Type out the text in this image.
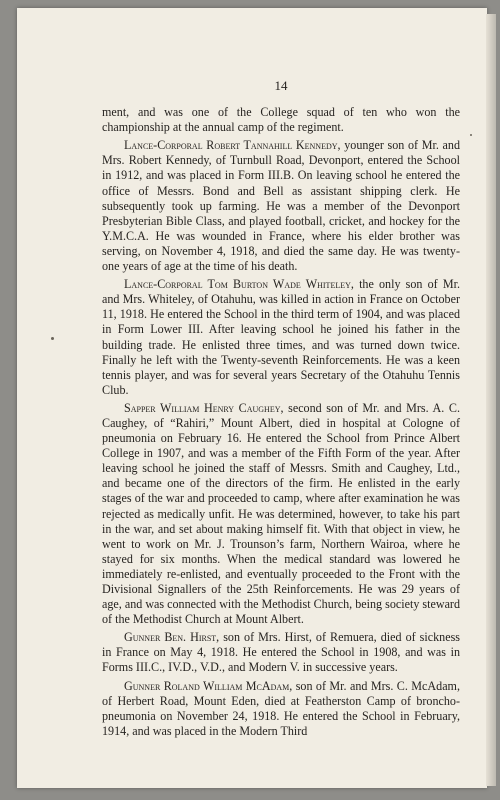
14

ment, and was one of the College squad of ten who won the championship at the annual camp of the regiment.

Lance-Corporal Robert Tannahill Kennedy, younger son of Mr. and Mrs. Robert Kennedy, of Turnbull Road, Devonport, entered the School in 1912, and was placed in Form III.B. On leaving school he entered the office of Messrs. Bond and Bell as assistant shipping clerk. He subsequently took up farming. He was a member of the Devonport Presbyterian Bible Class, and played football, cricket, and hockey for the Y.M.C.A. He was wounded in France, where his elder brother was serving, on November 4, 1918, and died the same day. He was twenty-one years of age at the time of his death.

Lance-Corporal Tom Burton Wade Whiteley, the only son of Mr. and Mrs. Whiteley, of Otahuhu, was killed in action in France on October 11, 1918. He entered the School in the third term of 1904, and was placed in Form Lower III. After leaving school he joined his father in the building trade. He enlisted three times, and was turned down twice. Finally he left with the Twenty-seventh Reinforcements. He was a keen tennis player, and was for several years Secretary of the Otahuhu Tennis Club.

Sapper William Henry Caughey, second son of Mr. and Mrs. A. C. Caughey, of “Rahiri,” Mount Albert, died in hospital at Cologne of pneumonia on February 16. He entered the School from Prince Albert College in 1907, and was a member of the Fifth Form of the year. After leaving school he joined the staff of Messrs. Smith and Caughey, Ltd., and became one of the directors of the firm. He enlisted in the early stages of the war and proceeded to camp, where after examination he was rejected as medically unfit. He was determined, however, to take his part in the war, and set about making himself fit. With that object in view, he went to work on Mr. J. Trounson’s farm, Northern Wairoa, where he stayed for six months. When the medical standard was lowered he immediately re-enlisted, and eventually proceeded to the Front with the Divisional Signallers of the 25th Reinforcements. He was 29 years of age, and was connected with the Methodist Church, being society steward of the Methodist Church at Mount Albert.

Gunner Ben. Hirst, son of Mrs. Hirst, of Remuera, died of sickness in France on May 4, 1918. He entered the School in 1908, and was in Forms III.C., IV.D., V.D., and Modern V. in successive years.

Gunner Roland William McAdam, son of Mr. and Mrs. C. McAdam, of Herbert Road, Mount Eden, died at Featherston Camp of broncho-pneumonia on November 24, 1918. He entered the School in February, 1914, and was placed in the Modern Third
